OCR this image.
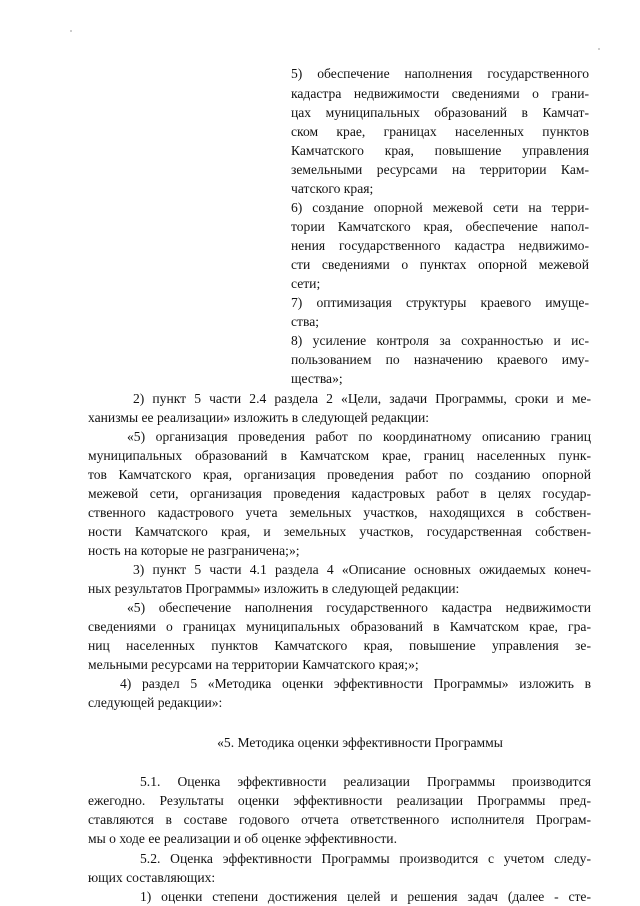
5) обеспечение наполнения государственного

кадастра недвижимости сведениями о грани-

цах муниципальных образований в Камчат-

ском крае, границах населенных пунктов

Камчатского края, повышение управления

земельными ресурсами на территории Кам-

чатского края;

6) создание опорной межевой сети на терри-

тории Камчатского края, обеспечение напол-

нения государственного кадастра недвижимо-

сти сведениями о пунктах опорной межевой

сети;

7) оптимизация структуры краевого имуще-

ства;

8) усиление контроля за сохранностью и ис-

пользованием по назначению краевого иму-

щества»;

2) пункт 5 части 2.4 раздела 2 «Цели, задачи Программы, сроки и ме-

ханизмы ее реализации» изложить в следующей редакции:

«5) организация проведения работ по координатному описанию границ

муниципальных образований в Камчатском крае, границ населенных пунк-

тов Камчатского края, организация проведения работ по созданию опорной

межевой сети, организация проведения кадастровых работ в целях государ-

ственного кадастрового учета земельных участков, находящихся в собствен-

ности Камчатского края, и земельных участков, государственная собствен-

ность на которые не разграничена;»;

3) пункт 5 части 4.1 раздела 4 «Описание основных ожидаемых конеч-

ных результатов Программы» изложить в следующей редакции:

«5) обеспечение наполнения государственного кадастра недвижимости

сведениями о границах муниципальных образований в Камчатском крае, гра-

ниц населенных пунктов Камчатского края, повышение управления зе-

мельными ресурсами на территории Камчатского края;»;

4) раздел 5 «Методика оценки эффективности Программы» изложить в

следующей редакции»:

«5. Методика оценки эффективности Программы

5.1. Оценка эффективности реализации Программы производится

ежегодно. Результаты оценки эффективности реализации Программы пред-

ставляются в составе годового отчета ответственного исполнителя Програм-

мы о ходе ее реализации и об оценке эффективности.

5.2. Оценка эффективности Программы производится с учетом следу-

ющих составляющих:

1) оценки степени достижения целей и решения задач (далее - сте-
